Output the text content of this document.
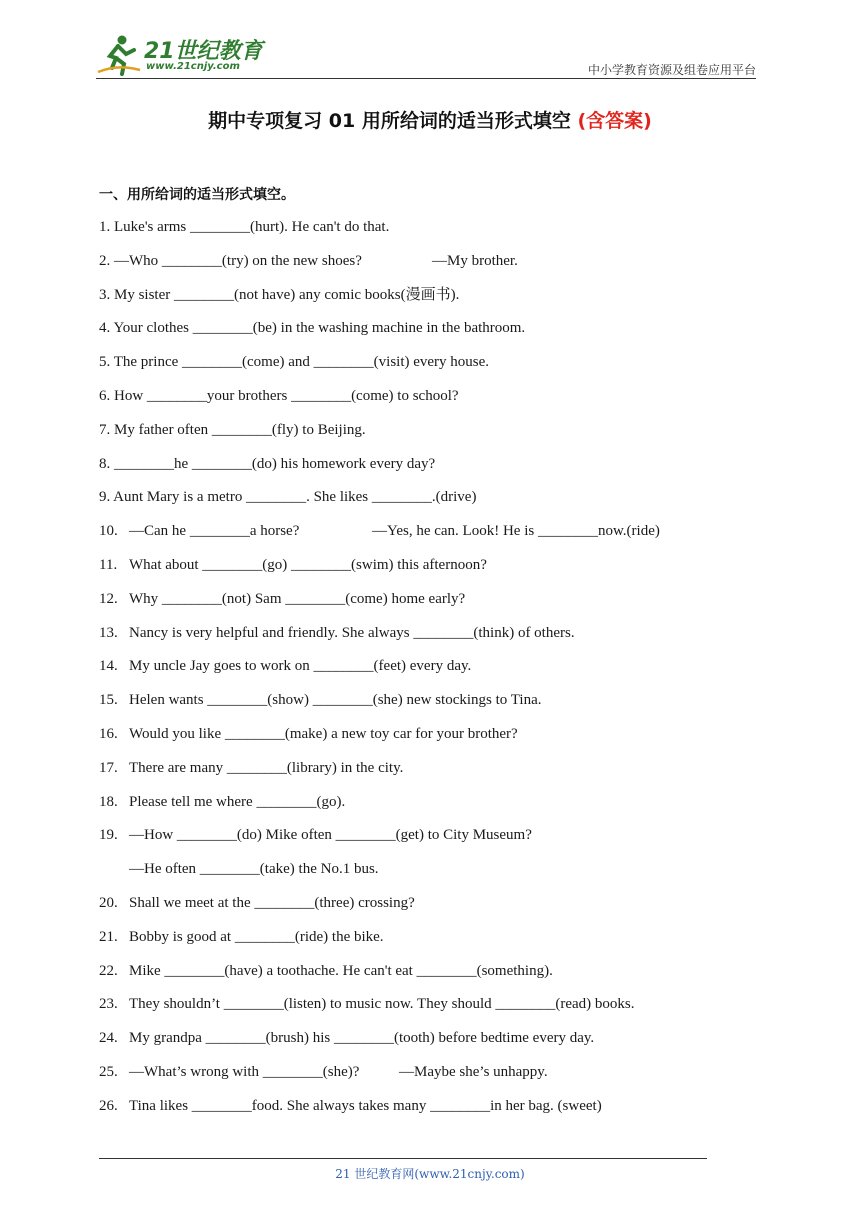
21世纪教育
www.21cnjy.com	中小学教育资源及组卷应用平台
期中专项复习 01 用所给词的适当形式填空 (含答案)
一、用所给词的适当形式填空。
1. Luke's arms ________(hurt). He can't do that.
2. —Who ________(try) on the new shoes?	—My brother.
3. My sister ________(not have) any comic books(漫画书).
4. Your clothes ________(be) in the washing machine in the bathroom.
5. The prince ________(come) and ________(visit) every house.
6. How ________your brothers ________(come) to school?
7. My father often ________(fly) to Beijing.
8. ________he ________(do) his homework every day?
9. Aunt Mary is a metro ________. She likes ________.(drive)
10. —Can he ________a horse?	—Yes, he can. Look! He is ________now.(ride)
11. What about ________(go) ________(swim) this afternoon?
12. Why ________(not) Sam ________(come) home early?
13. Nancy is very helpful and friendly. She always ________(think) of others.
14. My uncle Jay goes to work on ________(feet) every day.
15. Helen wants ________(show) ________(she) new stockings to Tina.
16. Would you like ________(make) a new toy car for your brother?
17. There are many ________(library) in the city.
18. Please tell me where ________(go).
19. —How ________(do) Mike often ________(get) to City Museum?
—He often ________(take) the No.1 bus.
20. Shall we meet at the ________(three) crossing?
21. Bobby is good at ________(ride) the bike.
22. Mike ________(have) a toothache. He can't eat ________(something).
23. They shouldn’t ________(listen) to music now. They should ________(read) books.
24. My grandpa ________(brush) his ________(tooth) before bedtime every day.
25. —What’s wrong with ________(she)?	—Maybe she’s unhappy.
26. Tina likes ________food. She always takes many ________in her bag. (sweet)
21 世纪教育网(www.21cnjy.com)
